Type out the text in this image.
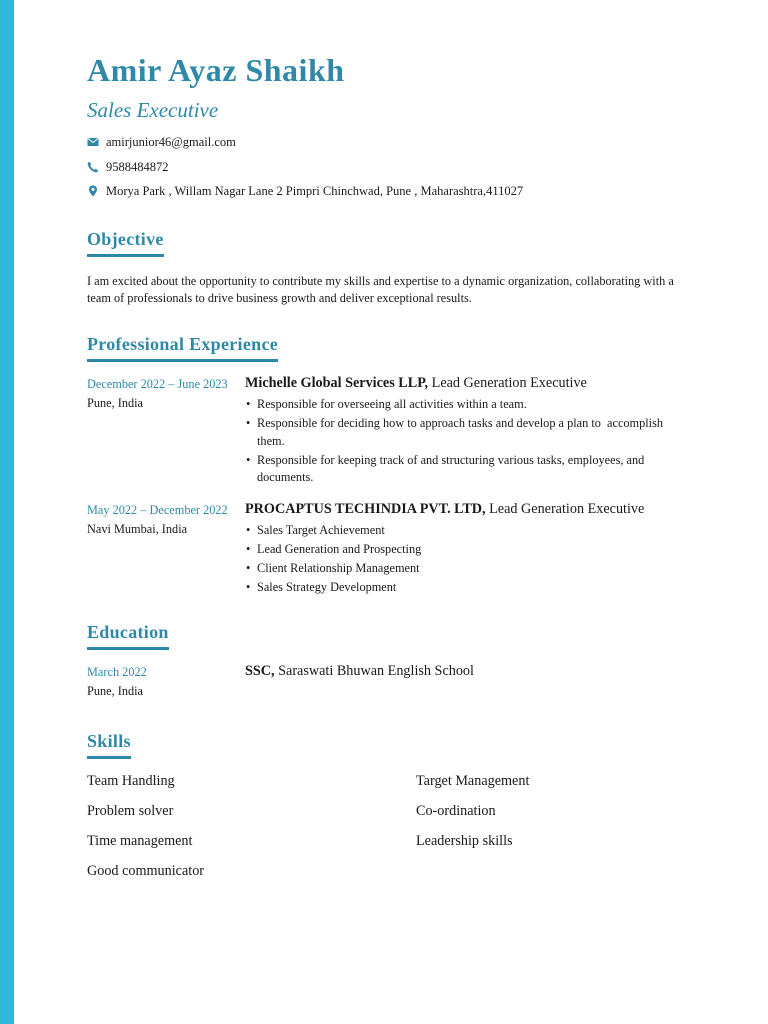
Amir Ayaz Shaikh
Sales Executive
amirjunior46@gmail.com
9588484872
Morya Park , Willam Nagar Lane 2 Pimpri Chinchwad, Pune , Maharashtra,411027
Objective
I am excited about the opportunity to contribute my skills and expertise to a dynamic organization, collaborating with a team of professionals to drive business growth and deliver exceptional results.
Professional Experience
December 2022 – June 2023
Pune, India
Michelle Global Services LLP, Lead Generation Executive
• Responsible for overseeing all activities within a team.
• Responsible for deciding how to approach tasks and develop a plan to  accomplish them.
• Responsible for keeping track of and structuring various tasks, employees, and documents.
May 2022 – December 2022
Navi Mumbai, India
PROCAPTUS TECHINDIA PVT. LTD, Lead Generation Executive
• Sales Target Achievement
• Lead Generation and Prospecting
• Client Relationship Management
• Sales Strategy Development
Education
March 2022
Pune, India
SSC, Saraswati Bhuwan English School
Skills
Team Handling
Problem solver
Time management
Good communicator
Target Management
Co-ordination
Leadership skills
